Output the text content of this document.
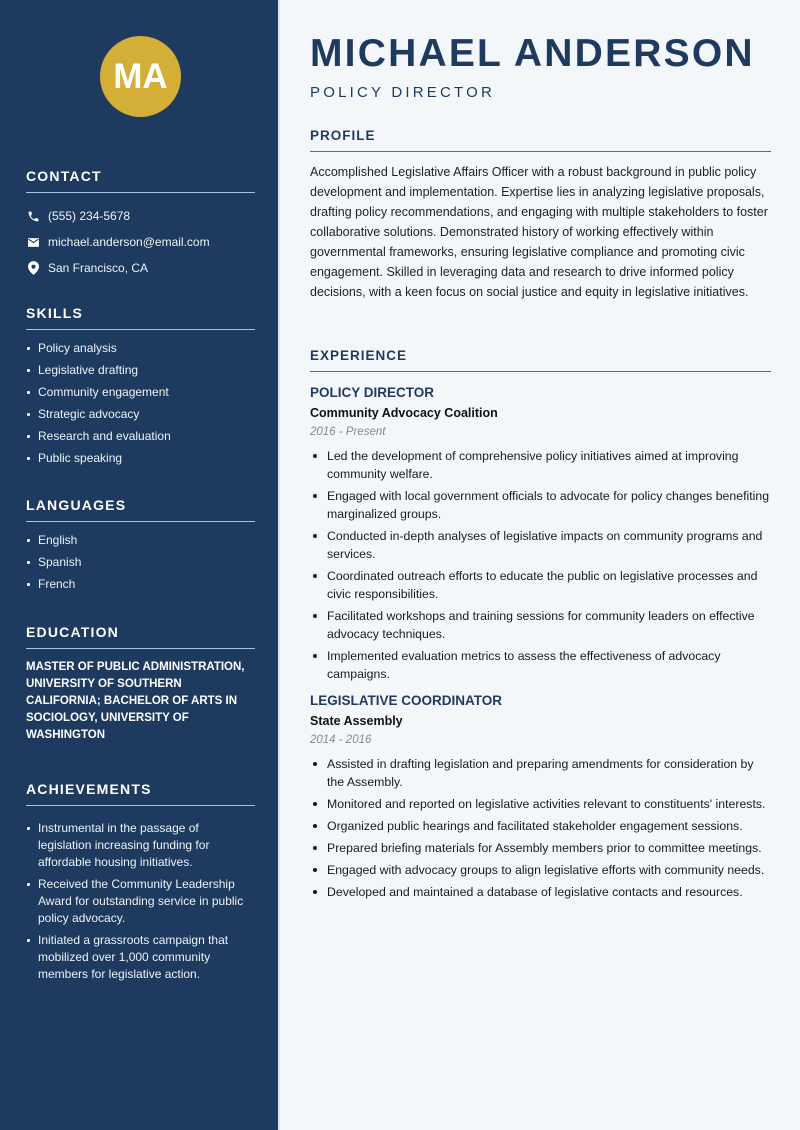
MA
CONTACT
(555) 234-5678
michael.anderson@email.com
San Francisco, CA
SKILLS
Policy analysis
Legislative drafting
Community engagement
Strategic advocacy
Research and evaluation
Public speaking
LANGUAGES
English
Spanish
French
EDUCATION

MASTER OF PUBLIC ADMINISTRATION, UNIVERSITY OF SOUTHERN CALIFORNIA; BACHELOR OF ARTS IN SOCIOLOGY, UNIVERSITY OF WASHINGTON

ACHIEVEMENTS
Instrumental in the passage of legislation increasing funding for affordable housing initiatives.
Received the Community Leadership Award for outstanding service in public policy advocacy.
Initiated a grassroots campaign that mobilized over 1,000 community members for legislative action.
MICHAEL ANDERSON
POLICY DIRECTOR
PROFILE

Accomplished Legislative Affairs Officer with a robust background in public policy development and implementation. Expertise lies in analyzing legislative proposals, drafting policy recommendations, and engaging with multiple stakeholders to foster collaborative solutions. Demonstrated history of working effectively within governmental frameworks, ensuring legislative compliance and promoting civic engagement. Skilled in leveraging data and research to drive informed policy decisions, with a keen focus on social justice and equity in legislative initiatives.

EXPERIENCE
POLICY DIRECTOR
Community Advocacy Coalition
2016 - Present
Led the development of comprehensive policy initiatives aimed at improving community welfare.
Engaged with local government officials to advocate for policy changes benefiting marginalized groups.
Conducted in-depth analyses of legislative impacts on community programs and services.
Coordinated outreach efforts to educate the public on legislative processes and civic responsibilities.
Facilitated workshops and training sessions for community leaders on effective advocacy techniques.
Implemented evaluation metrics to assess the effectiveness of advocacy campaigns.
LEGISLATIVE COORDINATOR
State Assembly
2014 - 2016
Assisted in drafting legislation and preparing amendments for consideration by the Assembly.
Monitored and reported on legislative activities relevant to constituents' interests.
Organized public hearings and facilitated stakeholder engagement sessions.
Prepared briefing materials for Assembly members prior to committee meetings.
Engaged with advocacy groups to align legislative efforts with community needs.
Developed and maintained a database of legislative contacts and resources.
